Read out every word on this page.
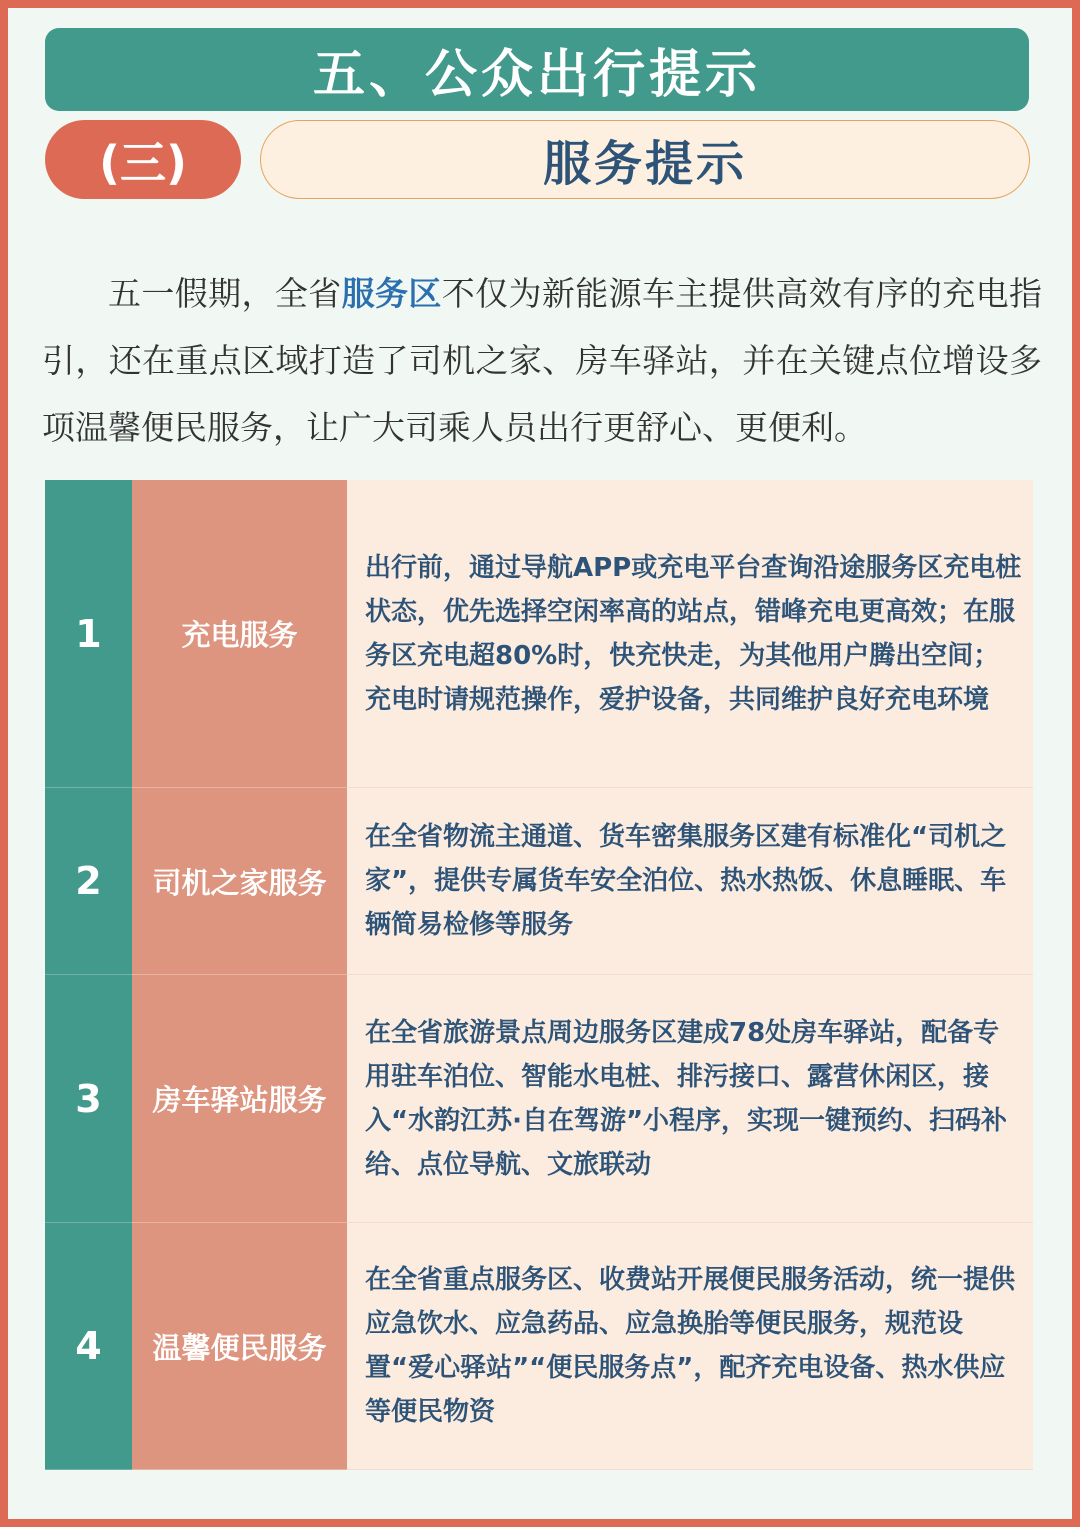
五、公众出行提示
(三)	服务提示

五一假期，全省服务区不仅为新能源车主提供高效有序的充电指引，还在重点区域打造了司机之家、房车驿站，并在关键点位增设多项温馨便民服务，让广大司乘人员出行更舒心、更便利。

1	充电服务

出行前，通过导航APP或充电平台查询沿途服务区充电桩状态，优先选择空闲率高的站点，错峰充电更高效；在服务区充电超80%时，快充快走，为其他用户腾出空间；充电时请规范操作，爱护设备，共同维护良好充电环境

2	司机之家服务

在全省物流主通道、货车密集服务区建有标准化“司机之家”，提供专属货车安全泊位、热水热饭、休息睡眠、车辆简易检修等服务

3	房车驿站服务

在全省旅游景点周边服务区建成78处房车驿站，配备专用驻车泊位、智能水电桩、排污接口、露营休闲区，接入“水韵江苏·自在驾游”小程序，实现一键预约、扫码补给、点位导航、文旅联动

4	温馨便民服务

在全省重点服务区、收费站开展便民服务活动，统一提供应急饮水、应急药品、应急换胎等便民服务，规范设置“爱心驿站”“便民服务点”，配齐充电设备、热水供应等便民物资
